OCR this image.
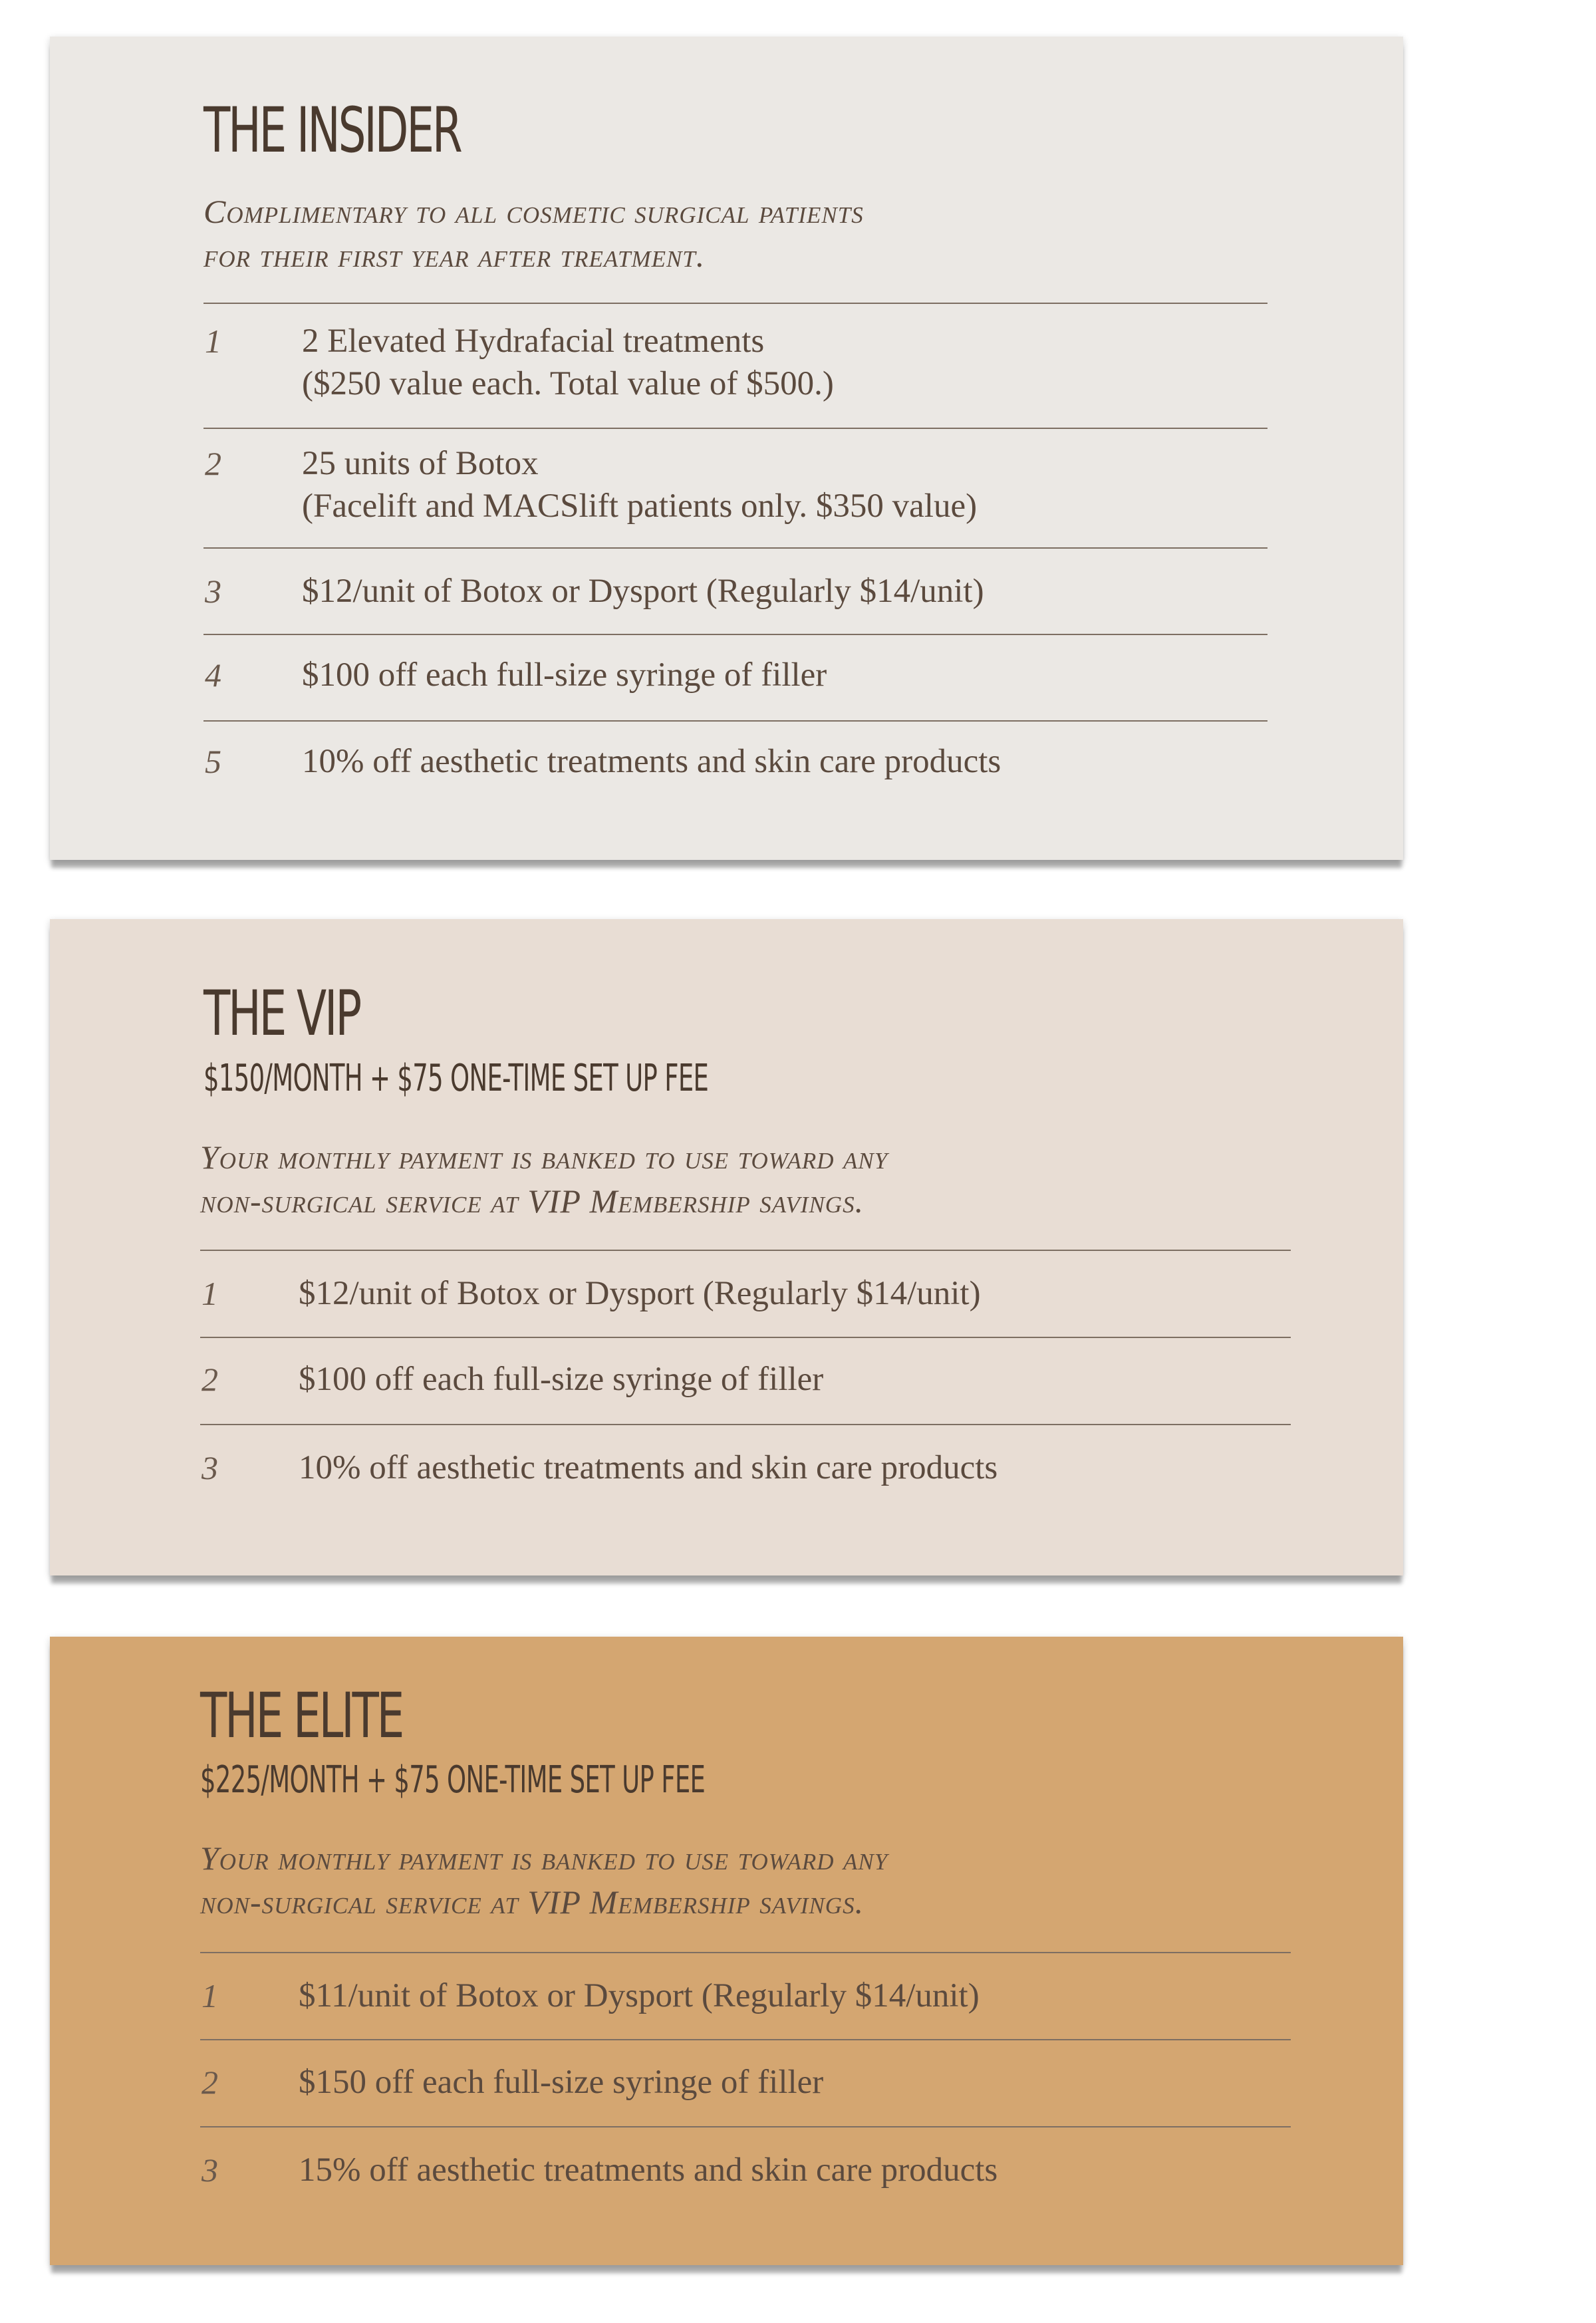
THE INSIDER

Complimentary to all cosmetic surgical patients
for their first year after treatment.

1 2 Elevated Hydrafacial treatments
($250 value each. Total value of $500.)
2 25 units of Botox
(Facelift and MACSlift patients only. $350 value)
3 $12/unit of Botox or Dysport (Regularly $14/unit)
4 $100 off each full-size syringe of filler
5 10% off aesthetic treatments and skin care products
THE VIP

$150/MONTH + $75 ONE-TIME SET UP FEE

Your monthly payment is banked to use toward any
non-surgical service at VIP Membership savings.

1 $12/unit of Botox or Dysport (Regularly $14/unit)
2 $100 off each full-size syringe of filler
3 10% off aesthetic treatments and skin care products
THE ELITE

$225/MONTH + $75 ONE-TIME SET UP FEE

Your monthly payment is banked to use toward any
non-surgical service at VIP Membership savings.

1 $11/unit of Botox or Dysport (Regularly $14/unit)
2 $150 off each full-size syringe of filler
3 15% off aesthetic treatments and skin care products
